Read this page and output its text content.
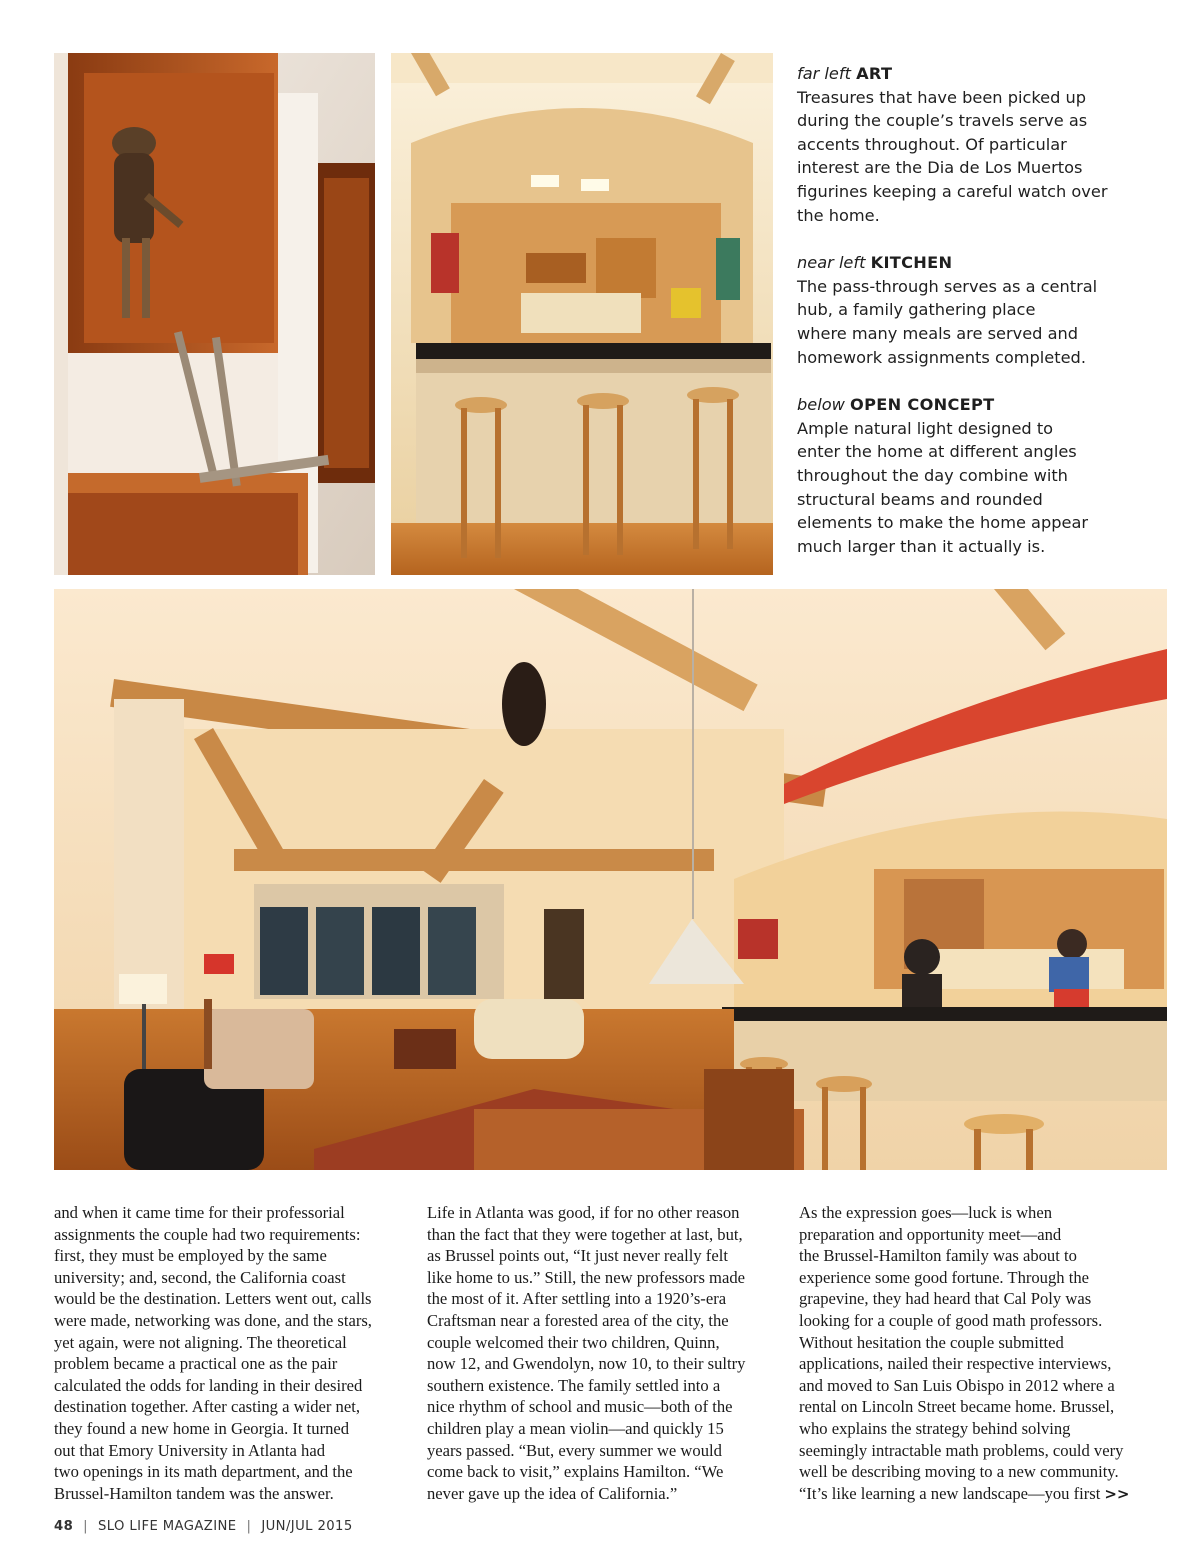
far left ART
Treasures that have been picked up
during the couple’s travels serve as
accents throughout. Of particular
interest are the Dia de Los Muertos
figurines keeping a careful watch over
the home.
near left KITCHEN
The pass-through serves as a central
hub, a family gathering place
where many meals are served and
homework assignments completed.
below OPEN CONCEPT
Ample natural light designed to
enter the home at different angles
throughout the day combine with
structural beams and rounded
elements to make the home appear
much larger than it actually is.
and when it came time for their professorial
assignments the couple had two requirements:
first, they must be employed by the same
university; and, second, the California coast
would be the destination. Letters went out, calls
were made, networking was done, and the stars,
yet again, were not aligning. The theoretical
problem became a practical one as the pair
calculated the odds for landing in their desired
destination together. After casting a wider net,
they found a new home in Georgia. It turned
out that Emory University in Atlanta had
two openings in its math department, and the
Brussel-Hamilton tandem was the answer.
Life in Atlanta was good, if for no other reason
than the fact that they were together at last, but,
as Brussel points out, “It just never really felt
like home to us.” Still, the new professors made
the most of it. After settling into a 1920’s-era
Craftsman near a forested area of the city, the
couple welcomed their two children, Quinn,
now 12, and Gwendolyn, now 10, to their sultry
southern existence. The family settled into a
nice rhythm of school and music—both of the
children play a mean violin—and quickly 15
years passed. “But, every summer we would
come back to visit,” explains Hamilton. “We
never gave up the idea of California.”
As the expression goes—luck is when
preparation and opportunity meet—and
the Brussel-Hamilton family was about to
experience some good fortune. Through the
grapevine, they had heard that Cal Poly was
looking for a couple of good math professors.
Without hesitation the couple submitted
applications, nailed their respective interviews,
and moved to San Luis Obispo in 2012 where a
rental on Lincoln Street became home. Brussel,
who explains the strategy behind solving
seemingly intractable math problems, could very
well be describing moving to a new community.
“It’s like learning a new landscape—you first >>
48 | SLO LIFE MAGAZINE | JUN/JUL 2015
